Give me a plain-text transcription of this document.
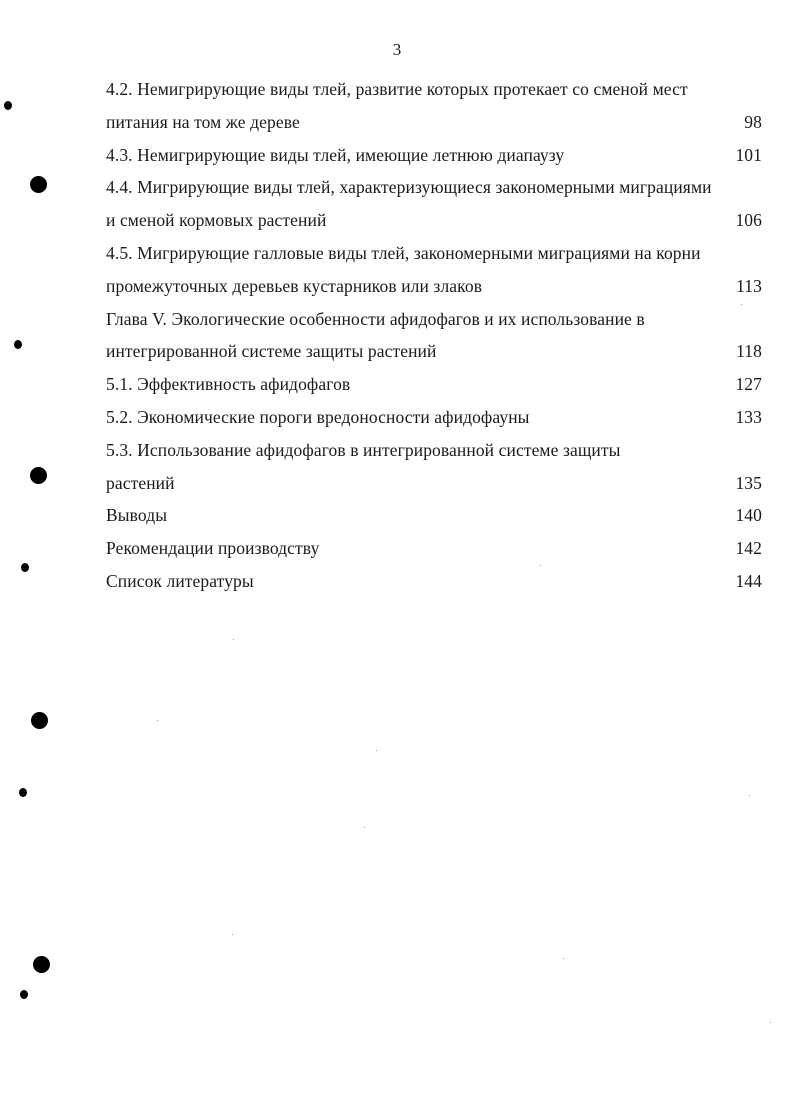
3
4.2. Немигрирующие виды тлей, развитие которых протекает со сменой мест
питания на том же дереве	98
4.3. Немигрирующие виды тлей, имеющие летнюю диапаузу	101
4.4. Мигрирующие виды тлей, характеризующиеся закономерными миграциями
и сменой кормовых растений	106
4.5. Мигрирующие галловые виды тлей, закономерными миграциями на корни
промежуточных деревьев кустарников или злаков	113
Глава V. Экологические особенности афидофагов и их использование в
интегрированной системе защиты растений	118
5.1. Эффективность афидофагов	127
5.2. Экономические пороги вредоносности афидофауны	133
5.3. Использование афидофагов в интегрированной системе защиты
растений	135
Выводы	140
Рекомендации производству	142
Список литературы	144
